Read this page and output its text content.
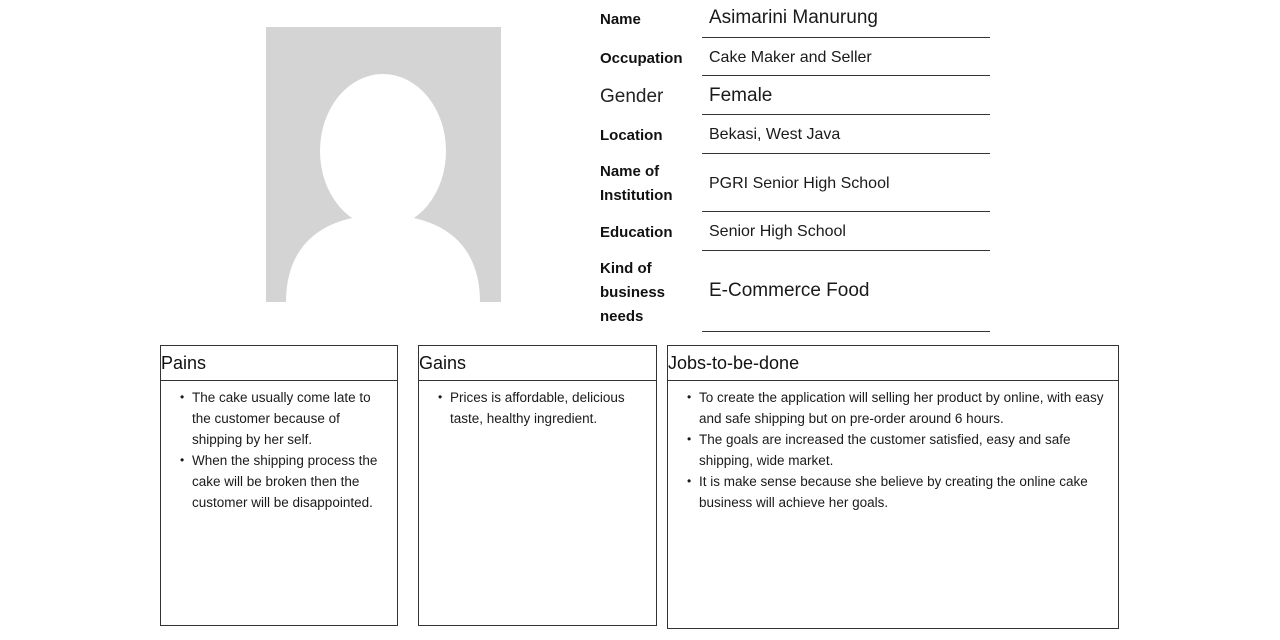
Name	Asimarini Manurung
Occupation Cake Maker and Seller
Gender Female
Location	Bekasi, West Java
Name of
Institution
PGRI Senior High School
Education Senior High School
Kind of
business
needs
E-Commerce Food
Pains
• The cake usually come late to the customer because of shipping by her self.
• When the shipping process the cake will be broken then the customer will be disappointed.
Gains
• Prices is affordable, delicious taste, healthy ingredient.
Jobs-to-be-done
• To create the application will selling her product by online, with easy and safe shipping but on pre-order around 6 hours.
• The goals are increased the customer satisfied, easy and safe shipping, wide market.
• It is make sense because she believe by creating the online cake business will achieve her goals.
